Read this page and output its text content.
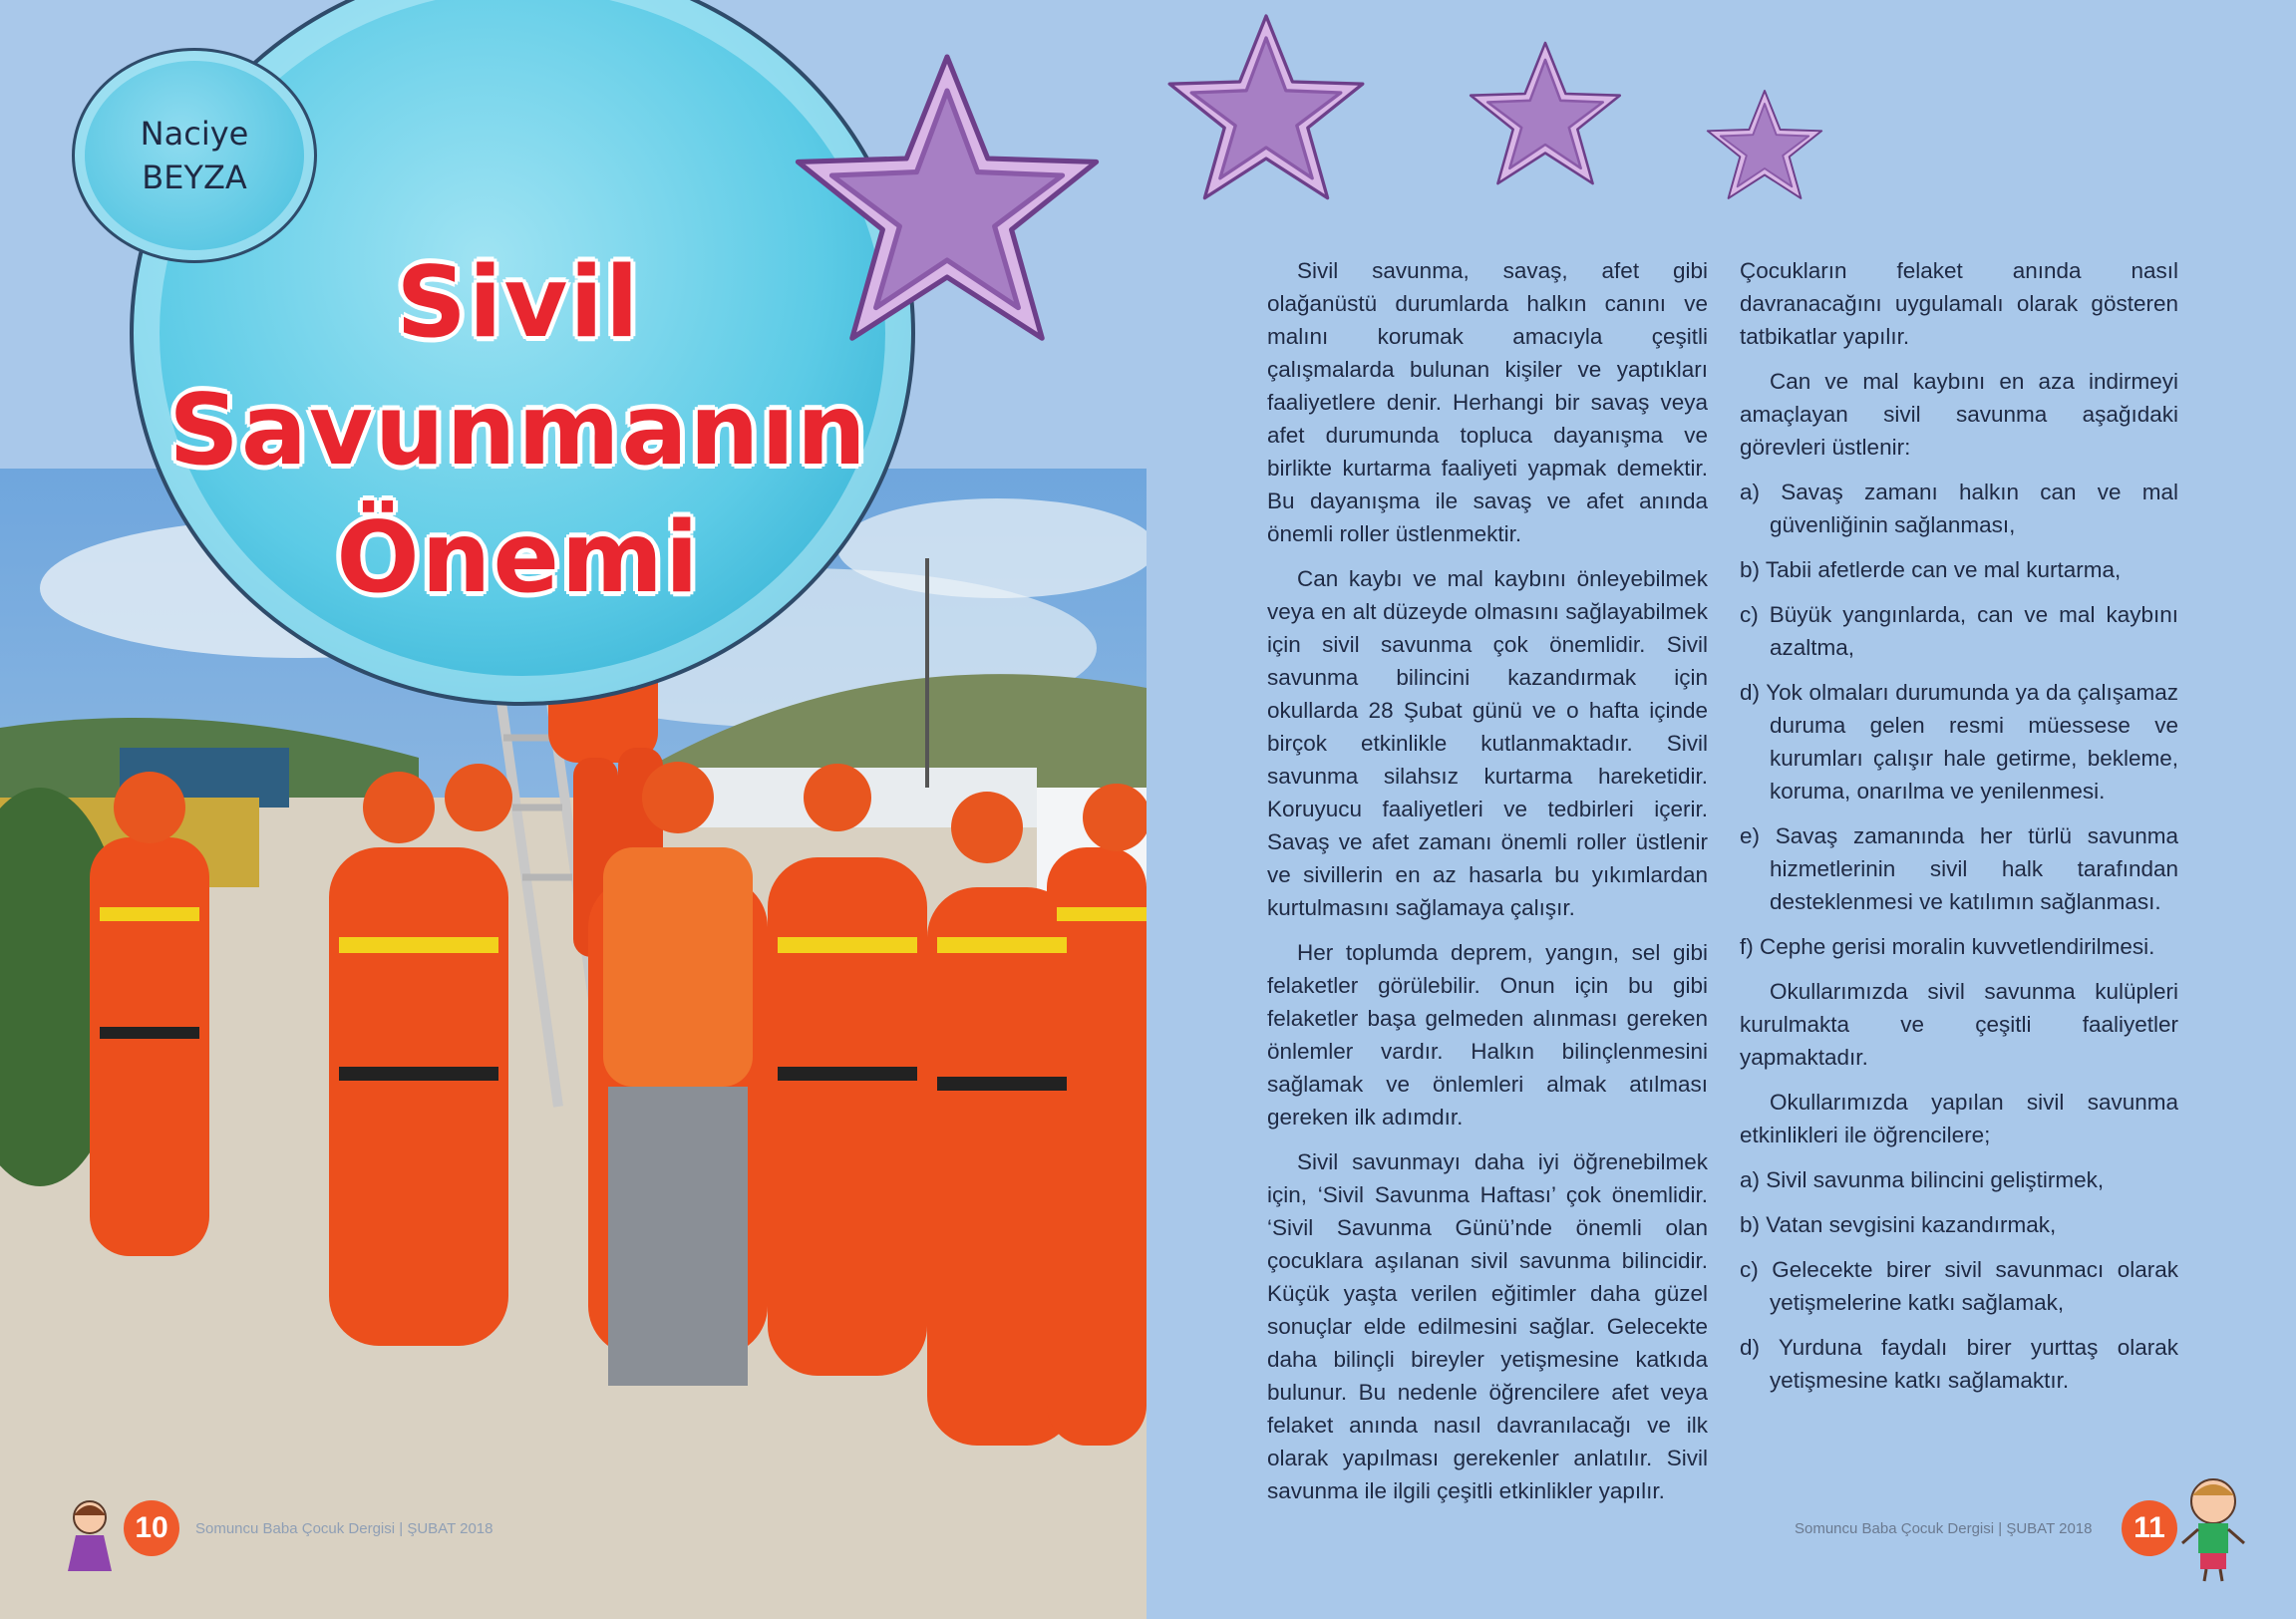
Naciye
BEYZA
Sivil
Savunmanın
Önemi

Sivil savunma, savaş, afet gibi olağanüstü durumlarda halkın canını ve malını korumak amacıyla çeşitli çalışmalarda bulunan kişiler ve yaptıkları faaliyetlere denir. Herhangi bir savaş veya afet durumunda topluca dayanışma ve birlikte kurtarma faaliyeti yapmak demektir. Bu dayanışma ile savaş ve afet anında önemli roller üstlenmektir.

Can kaybı ve mal kaybını önleyebilmek veya en alt düzeyde olmasını sağlayabilmek için sivil savunma çok önemlidir. Sivil savunma bilincini kazandırmak için okullarda 28 Şubat günü ve o hafta içinde birçok etkinlikle kutlanmaktadır. Sivil savunma silahsız kurtarma hareketidir. Koruyucu faaliyetleri ve tedbirleri içerir. Savaş ve afet zamanı önemli roller üstlenir ve sivillerin en az hasarla bu yıkımlardan kurtulmasını sağlamaya çalışır.

Her toplumda deprem, yangın, sel gibi felaketler görülebilir. Onun için bu gibi felaketler başa gelmeden alınması gereken önlemler vardır. Halkın bilinçlenmesini sağlamak ve önlemleri almak atılması gereken ilk adımdır.

Sivil savunmayı daha iyi öğrenebilmek için, ‘Sivil Savunma Haftası’ çok önemlidir. ‘Sivil Savunma Günü’nde önemli olan çocuklara aşılanan sivil savunma bilincidir. Küçük yaşta verilen eğitimler daha güzel sonuçlar elde edilmesini sağlar. Gelecekte daha bilinçli bireyler yetişmesine katkıda bulunur. Bu nedenle öğrencilere afet veya felaket anında nasıl davranılacağı ve ilk olarak yapılması gerekenler anlatılır. Sivil savunma ile ilgili çeşitli etkinlikler yapılır.

Çocukların felaket anında nasıl davranacağını uygulamalı olarak gösteren tatbikatlar yapılır.

Can ve mal kaybını en aza indirmeyi amaçlayan sivil savunma aşağıdaki görevleri üstlenir:

a) Savaş zamanı halkın can ve mal güvenliğinin sağlanması,

b) Tabii afetlerde can ve mal kurtarma,

c) Büyük yangınlarda, can ve mal kaybını azaltma,

d) Yok olmaları durumunda ya da çalışamaz duruma gelen resmi müessese ve kurumları çalışır hale getirme, bekleme, koruma, onarılma ve yenilenmesi.

e) Savaş zamanında her türlü savunma hizmetlerinin sivil halk tarafından desteklenmesi ve katılımın sağlanması.

f) Cephe gerisi moralin kuvvetlendirilmesi.

Okullarımızda sivil savunma kulüpleri kurulmakta ve çeşitli faaliyetler yapmaktadır.

Okullarımızda yapılan sivil savunma etkinlikleri ile öğrencilere;

a) Sivil savunma bilincini geliştirmek,

b) Vatan sevgisini kazandırmak,

c) Gelecekte birer sivil savunmacı olarak yetişmelerine katkı sağlamak,

d) Yurduna faydalı birer yurttaş olarak yetişmesine katkı sağlamaktır.

10	Somuncu Baba Çocuk Dergisi | ŞUBAT 2018	Somuncu Baba Çocuk Dergisi | ŞUBAT 2018	11
